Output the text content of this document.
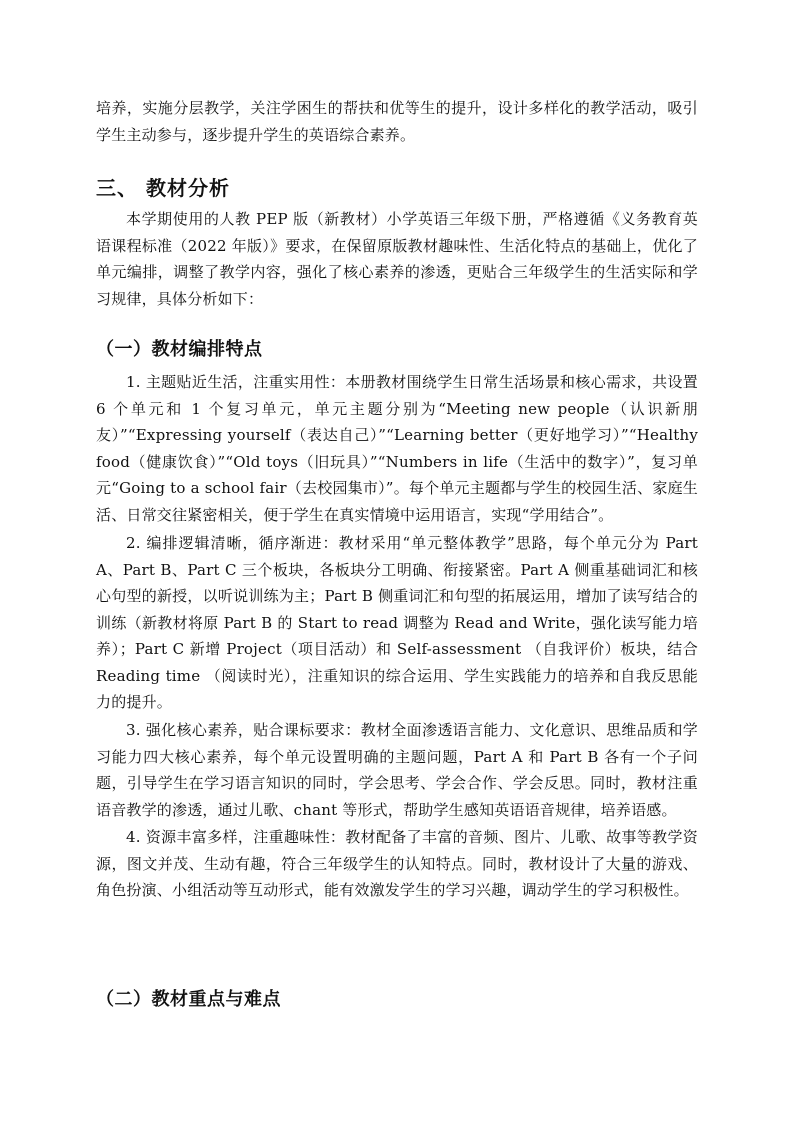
培养，实施分层教学，关注学困生的帮扶和优等生的提升，设计多样化的教学活动，吸引学生主动参与，逐步提升学生的英语综合素养。

三、 教材分析

本学期使用的人教 PEP 版（新教材）小学英语三年级下册，严格遵循《义务教育英语课程标准（2022 年版）》要求，在保留原版教材趣味性、生活化特点的基础上，优化了单元编排，调整了教学内容，强化了核心素养的渗透，更贴合三年级学生的生活实际和学习规律，具体分析如下：

（一）教材编排特点

1. 主题贴近生活，注重实用性：本册教材围绕学生日常生活场景和核心需求，共设置 6 个单元和 1 个复习单元，单元主题分别为“Meeting new people（认识新朋友）”“Expressing yourself（表达自己）”“Learning better（更好地学习）”“Healthy food（健康饮食）”“Old toys（旧玩具）”“Numbers in life（生活中的数字）”，复习单元“Going to a school fair（去校园集市）”。每个单元主题都与学生的校园生活、家庭生活、日常交往紧密相关，便于学生在真实情境中运用语言，实现“学用结合”。

2. 编排逻辑清晰，循序渐进：教材采用“单元整体教学”思路，每个单元分为 Part A、Part B、Part C 三个板块，各板块分工明确、衔接紧密。Part A 侧重基础词汇和核心句型的新授，以听说训练为主；Part B 侧重词汇和句型的拓展运用，增加了读写结合的训练（新教材将原 Part B 的 Start to read 调整为 Read and Write，强化读写能力培养）；Part C 新增 Project（项目活动）和 Self-assessment （自我评价）板块，结合 Reading time （阅读时光），注重知识的综合运用、学生实践能力的培养和自我反思能力的提升。

3. 强化核心素养，贴合课标要求：教材全面渗透语言能力、文化意识、思维品质和学习能力四大核心素养，每个单元设置明确的主题问题，Part A 和 Part B 各有一个子问题，引导学生在学习语言知识的同时，学会思考、学会合作、学会反思。同时，教材注重语音教学的渗透，通过儿歌、chant 等形式，帮助学生感知英语语音规律，培养语感。

4. 资源丰富多样，注重趣味性：教材配备了丰富的音频、图片、儿歌、故事等教学资源，图文并茂、生动有趣，符合三年级学生的认知特点。同时，教材设计了大量的游戏、角色扮演、小组活动等互动形式，能有效激发学生的学习兴趣，调动学生的学习积极性。

（二）教材重点与难点
